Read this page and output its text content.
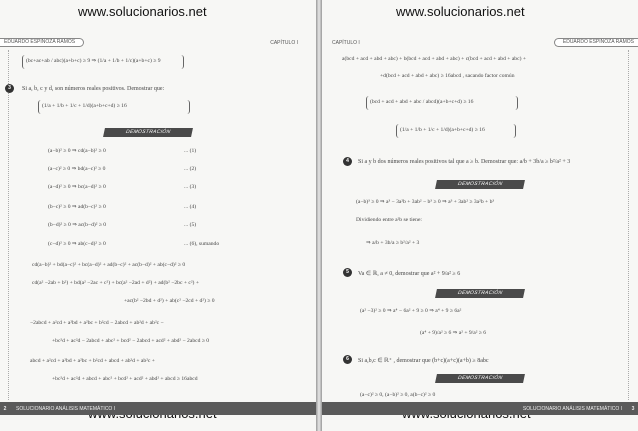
www.solucionarios.net	www.solucionarios.net
EDUARDO ESPINOZA RAMOS	CAPÍTULO I	CAPÍTULO I	EDUARDO ESPINOZA RAMOS
(bc+ac+ab / abc)(a+b+c) ≥ 9 ⇒ (1/a + 1/b + 1/c)(a+b+c) ≥ 9
3	Si a, b, c y d, son números reales positivos. Demostrar que:
(1/a + 1/b + 1/c + 1/d)(a+b+c+d) ≥ 16
DEMOSTRACIÓN
(a−b)² ≥ 0 ⇒ cd(a−b)² ≥ 0	... (1)
(a−c)² ≥ 0 ⇒ bd(a−c)² ≥ 0	... (2)
(a−d)² ≥ 0 ⇒ bc(a−d)² ≥ 0	... (3)
(b−c)² ≥ 0 ⇒ ad(b−c)² ≥ 0	... (4)
(b−d)² ≥ 0 ⇒ ac(b−d)² ≥ 0	... (5)
(c−d)² ≥ 0 ⇒ ab(c−d)² ≥ 0	... (6), sumando
cd(a−b)² + bd(a−c)² + bc(a−d)² + ad(b−c)² + ac(b−d)² + ab(c−d)² ≥ 0
cd(a² −2ab + b²) + bd(a² −2ac + c²) + bc(a² −2ad + d²) + ad(b² −2bc + c²) +
+ac(b² −2bd + d²) + ab(c² −2cd + d²) ≥ 0
−2abcd + a²cd + a²bd + a²bc + b²cd − 2abcd + ab²d + ab²c −
+bc²d + ac²d − 2abcd + abc² + bcd² − 2abcd + acd² + abd² − 2abcd ≥ 0
abcd + a²cd + a²bd + a²bc + b²cd + abcd + ab²d + ab²c +
+bc²d + ac²d + abcd + abc² + bcd² + acd² + abd² + abcd ≥ 16abcd
a(bcd + acd + abd + abc) + b(bcd + acd + abd + abc) + c(bcd + acd + abd + abc) +
+d(bcd + acd + abd + abc) ≥ 16abcd , sacando factor común
(bcd + acd + abd + abc / abcd)(a+b+c+d) ≥ 16
(1/a + 1/b + 1/c + 1/d)(a+b+c+d) ≥ 16
4	Si a y b dos números reales positivos tal que a ≥ b. Demostrar que: a/b + 3b/a ≥ b²/a² + 3
DEMOSTRACIÓN
(a−b)³ ≥ 0 ⇒ a³ − 3a²b + 3ab² − b³ ≥ 0 ⇒ a³ + 3ab² ≥ 3a²b + b³
Dividiendo entre a²b se tiene:
⇒ a/b + 3b/a ≥ b²/a² + 3
5	Va ∈ ℝ, a ≠ 0, demostrar que a² + 9/a² ≥ 6
DEMOSTRACIÓN
(a² −3)² ≥ 0 ⇒ a⁴ − 6a² + 9 ≥ 0 ⇒ a⁴ + 9 ≥ 6a²
(a⁴ + 9)/a² ≥ 6 ⇒ a² + 9/a² ≥ 6
6	Si a,b,c ∈ ℝ⁺ , demostrar que (b+c)(a+c)(a+b) ≥ 8abc
DEMOSTRACIÓN
(a−c)² ≥ 0, (a−b)² ≥ 0, a(b−c)² ≥ 0
2	SOLUCIONARIO ANÁLISIS MATEMÁTICO I	SOLUCIONARIO ANÁLISIS MATEMÁTICO I	3
